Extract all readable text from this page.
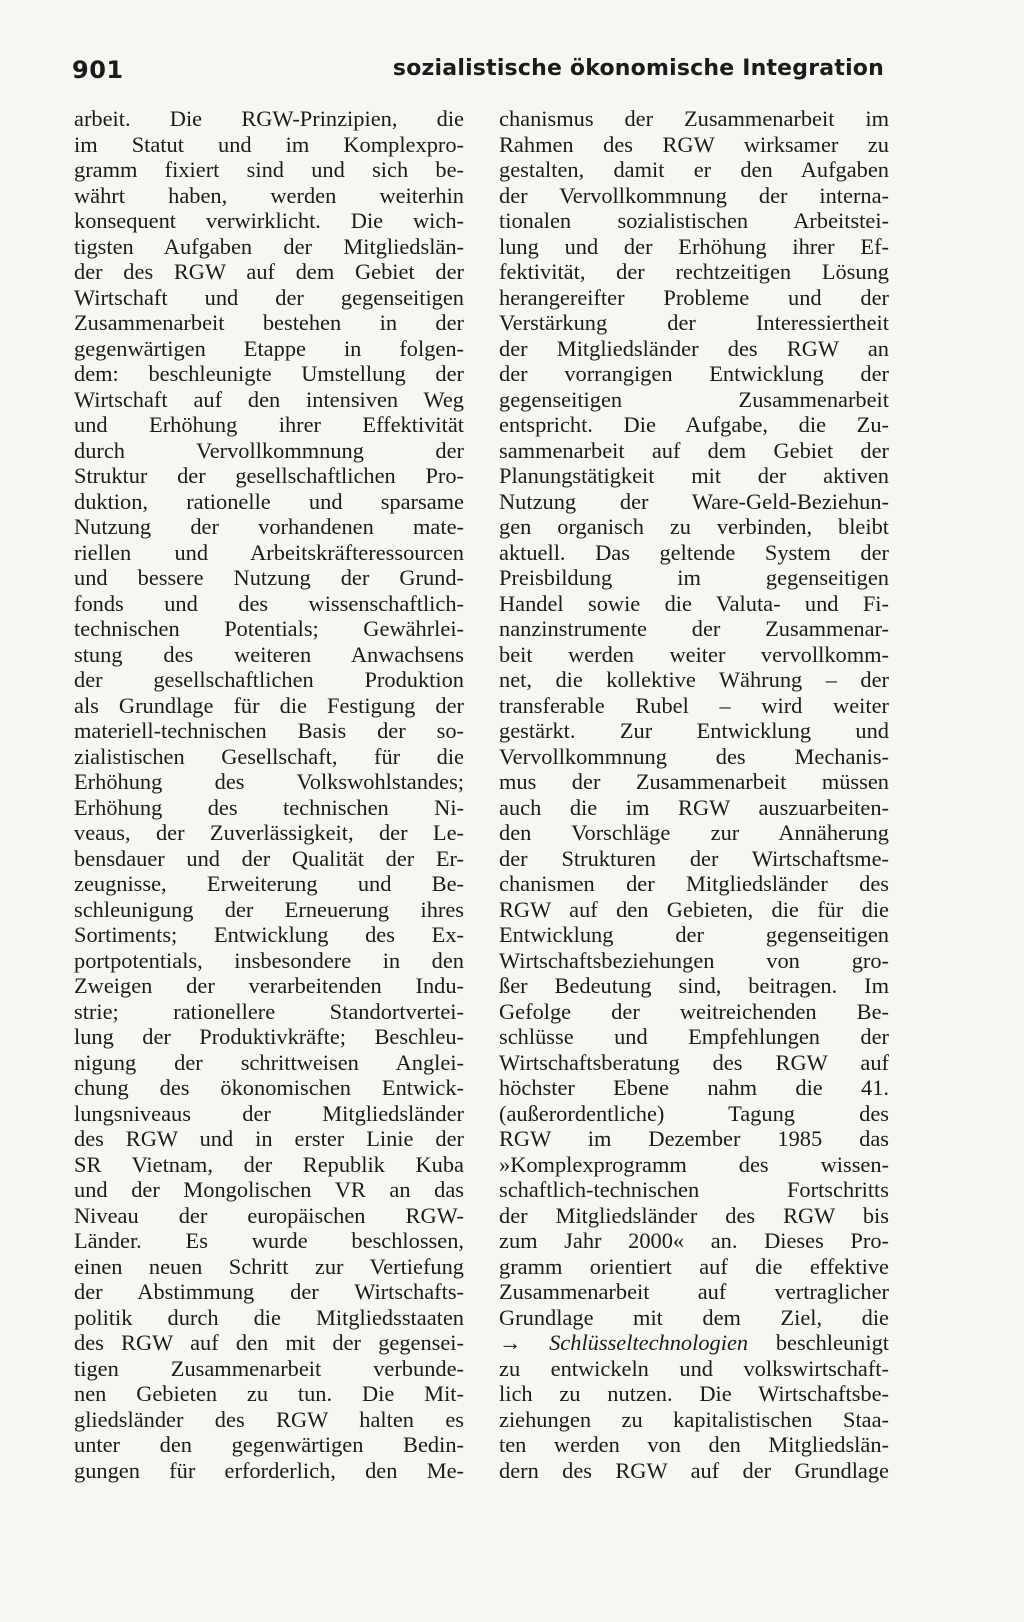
901	sozialistische ökonomische Integration
arbeit. Die RGW-Prinzipien, die
im Statut und im Komplexpro-
gramm fixiert sind und sich be-
währt haben, werden weiterhin
konsequent verwirklicht. Die wich-
tigsten Aufgaben der Mitgliedslän-
der des RGW auf dem Gebiet der
Wirtschaft und der gegenseitigen
Zusammenarbeit bestehen in der
gegenwärtigen Etappe in folgen-
dem: beschleunigte Umstellung der
Wirtschaft auf den intensiven Weg
und Erhöhung ihrer Effektivität
durch Vervollkommnung der
Struktur der gesellschaftlichen Pro-
duktion, rationelle und sparsame
Nutzung der vorhandenen mate-
riellen und Arbeitskräfteressourcen
und bessere Nutzung der Grund-
fonds und des wissenschaftlich-
technischen Potentials; Gewährlei-
stung des weiteren Anwachsens
der gesellschaftlichen Produktion
als Grundlage für die Festigung der
materiell-technischen Basis der so-
zialistischen Gesellschaft, für die
Erhöhung des Volkswohlstandes;
Erhöhung des technischen Ni-
veaus, der Zuverlässigkeit, der Le-
bensdauer und der Qualität der Er-
zeugnisse, Erweiterung und Be-
schleunigung der Erneuerung ihres
Sortiments; Entwicklung des Ex-
portpotentials, insbesondere in den
Zweigen der verarbeitenden Indu-
strie; rationellere Standortvertei-
lung der Produktivkräfte; Beschleu-
nigung der schrittweisen Anglei-
chung des ökonomischen Entwick-
lungsniveaus der Mitgliedsländer
des RGW und in erster Linie der
SR Vietnam, der Republik Kuba
und der Mongolischen VR an das
Niveau der europäischen RGW-
Länder. Es wurde beschlossen,
einen neuen Schritt zur Vertiefung
der Abstimmung der Wirtschafts-
politik durch die Mitgliedsstaaten
des RGW auf den mit der gegensei-
tigen Zusammenarbeit verbunde-
nen Gebieten zu tun. Die Mit-
gliedsländer des RGW halten es
unter den gegenwärtigen Bedin-
gungen für erforderlich, den Me-
chanismus der Zusammenarbeit im
Rahmen des RGW wirksamer zu
gestalten, damit er den Aufgaben
der Vervollkommnung der interna-
tionalen sozialistischen Arbeitstei-
lung und der Erhöhung ihrer Ef-
fektivität, der rechtzeitigen Lösung
herangereifter Probleme und der
Verstärkung der Interessiertheit
der Mitgliedsländer des RGW an
der vorrangigen Entwicklung der
gegenseitigen Zusammenarbeit
entspricht. Die Aufgabe, die Zu-
sammenarbeit auf dem Gebiet der
Planungstätigkeit mit der aktiven
Nutzung der Ware-Geld-Beziehun-
gen organisch zu verbinden, bleibt
aktuell. Das geltende System der
Preisbildung im gegenseitigen
Handel sowie die Valuta- und Fi-
nanzinstrumente der Zusammenar-
beit werden weiter vervollkomm-
net, die kollektive Währung – der
transferable Rubel – wird weiter
gestärkt. Zur Entwicklung und
Vervollkommnung des Mechanis-
mus der Zusammenarbeit müssen
auch die im RGW auszuarbeiten-
den Vorschläge zur Annäherung
der Strukturen der Wirtschaftsme-
chanismen der Mitgliedsländer des
RGW auf den Gebieten, die für die
Entwicklung der gegenseitigen
Wirtschaftsbeziehungen von gro-
ßer Bedeutung sind, beitragen. Im
Gefolge der weitreichenden Be-
schlüsse und Empfehlungen der
Wirtschaftsberatung des RGW auf
höchster Ebene nahm die 41.
(außerordentliche) Tagung des
RGW im Dezember 1985 das
»Komplexprogramm des wissen-
schaftlich-technischen Fortschritts
der Mitgliedsländer des RGW bis
zum Jahr 2000« an. Dieses Pro-
gramm orientiert auf die effektive
Zusammenarbeit auf vertraglicher
Grundlage mit dem Ziel, die
→ Schlüsseltechnologien beschleunigt
zu entwickeln und volkswirtschaft-
lich zu nutzen. Die Wirtschaftsbe-
ziehungen zu kapitalistischen Staa-
ten werden von den Mitgliedslän-
dern des RGW auf der Grundlage
